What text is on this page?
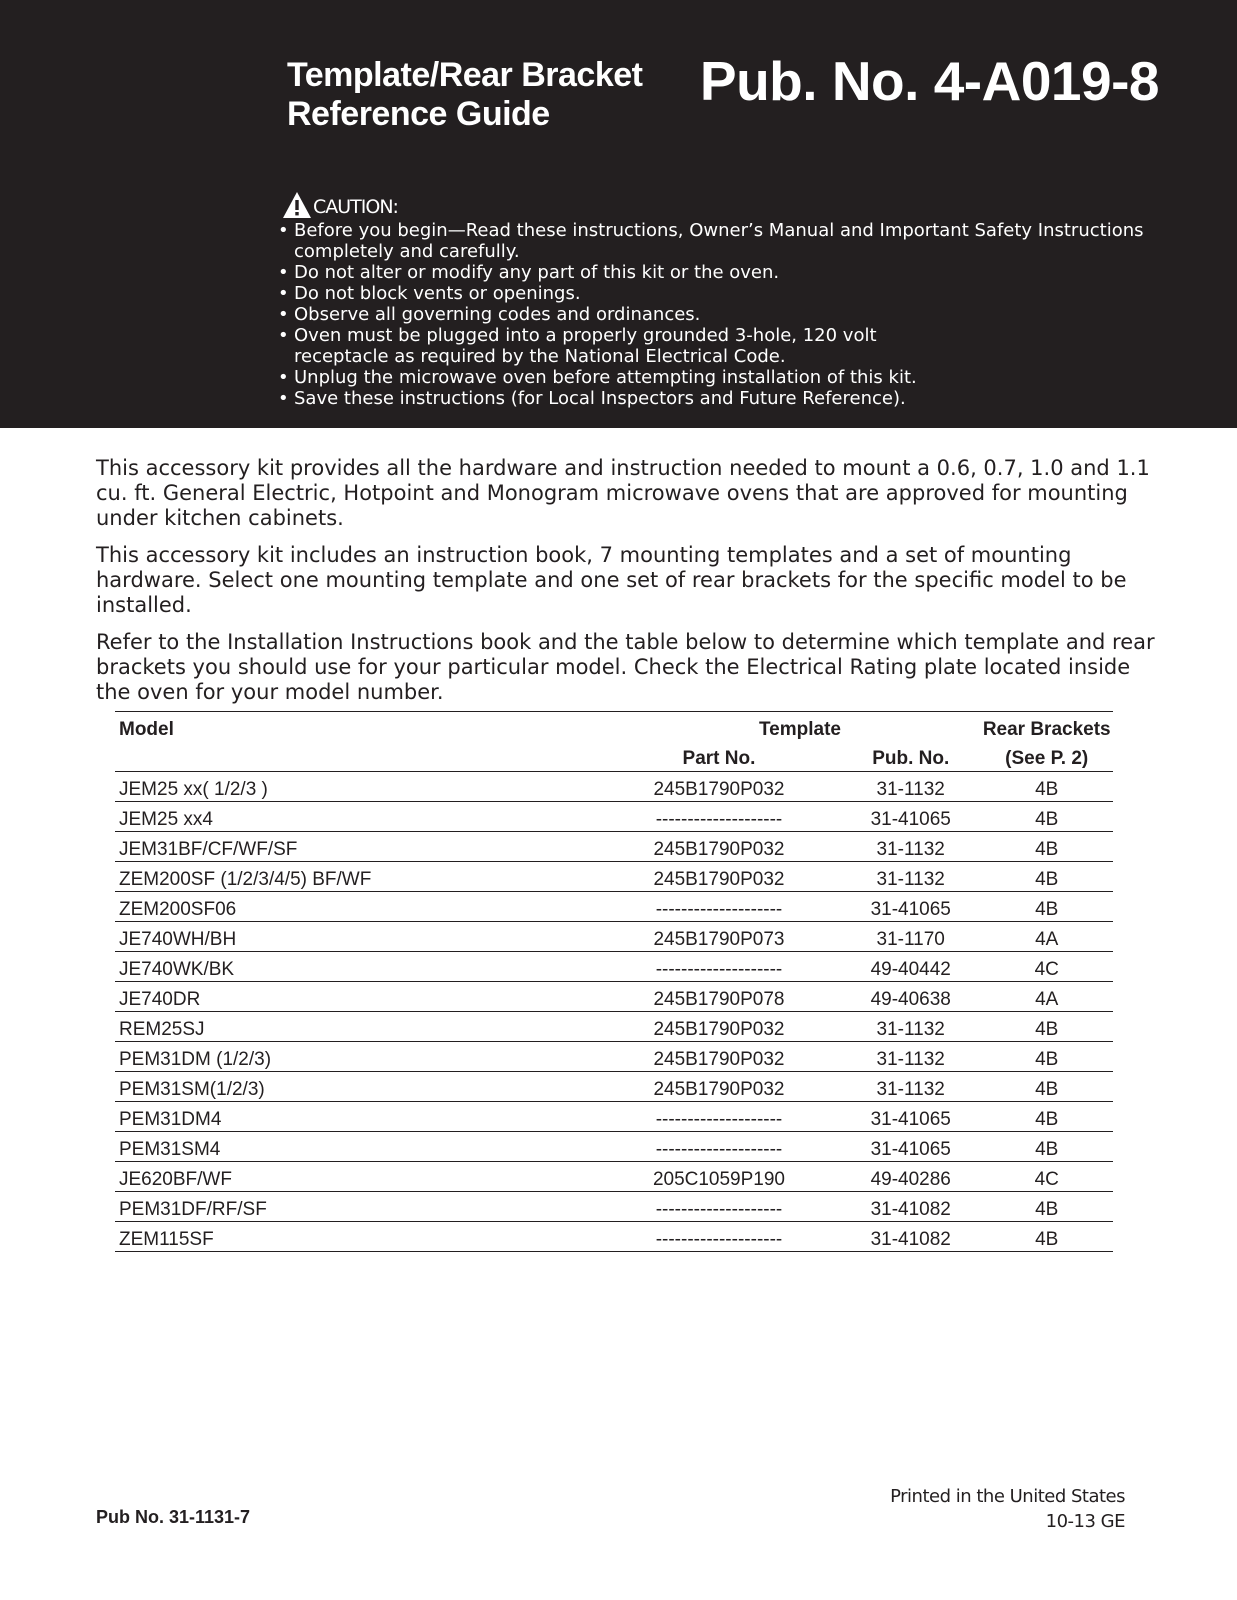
Template/Rear Bracket
Reference Guide
Pub. No. 4-A019-8
CAUTION:
• Before you begin—Read these instructions, Owner’s Manual and Important Safety Instructions completely and carefully.
• Do not alter or modify any part of this kit or the oven.
• Do not block vents or openings.
• Observe all governing codes and ordinances.
• Oven must be plugged into a properly grounded 3-hole, 120 volt receptacle as required by the National Electrical Code.
• Unplug the microwave oven before attempting installation of this kit.
• Save these instructions (for Local Inspectors and Future Reference).

This accessory kit provides all the hardware and instruction needed to mount a 0.6, 0.7, 1.0 and 1.1 cu. ft. General Electric, Hotpoint and Monogram microwave ovens that are approved for mounting under kitchen cabinets.

This accessory kit includes an instruction book, 7 mounting templates and a set of mounting hardware. Select one mounting template and one set of rear brackets for the specific model to be installed.

Refer to the Installation Instructions book and the table below to determine which template and rear brackets you should use for your particular model. Check the Electrical Rating plate located inside the oven for your model number.

Model	Template		Rear Brackets
	Part No.	Pub. No.	(See P. 2)
JEM25 xx( 1/2/3 )	245B1790P032	31-1132	4B
JEM25 xx4	--------------------	31-41065	4B
JEM31BF/CF/WF/SF	245B1790P032	31-1132	4B
ZEM200SF (1/2/3/4/5) BF/WF	245B1790P032	31-1132	4B
ZEM200SF06	--------------------	31-41065	4B
JE740WH/BH	245B1790P073	31-1170	4A
JE740WK/BK	--------------------	49-40442	4C
JE740DR	245B1790P078	49-40638	4A
REM25SJ	245B1790P032	31-1132	4B
PEM31DM (1/2/3)	245B1790P032	31-1132	4B
PEM31SM(1/2/3)	245B1790P032	31-1132	4B
PEM31DM4	--------------------	31-41065	4B
PEM31SM4	--------------------	31-41065	4B
JE620BF/WF	205C1059P190	49-40286	4C
PEM31DF/RF/SF	--------------------	31-41082	4B
ZEM115SF	--------------------	31-41082	4B
Pub No. 31-1131-7
Printed in the United States
10-13 GE
